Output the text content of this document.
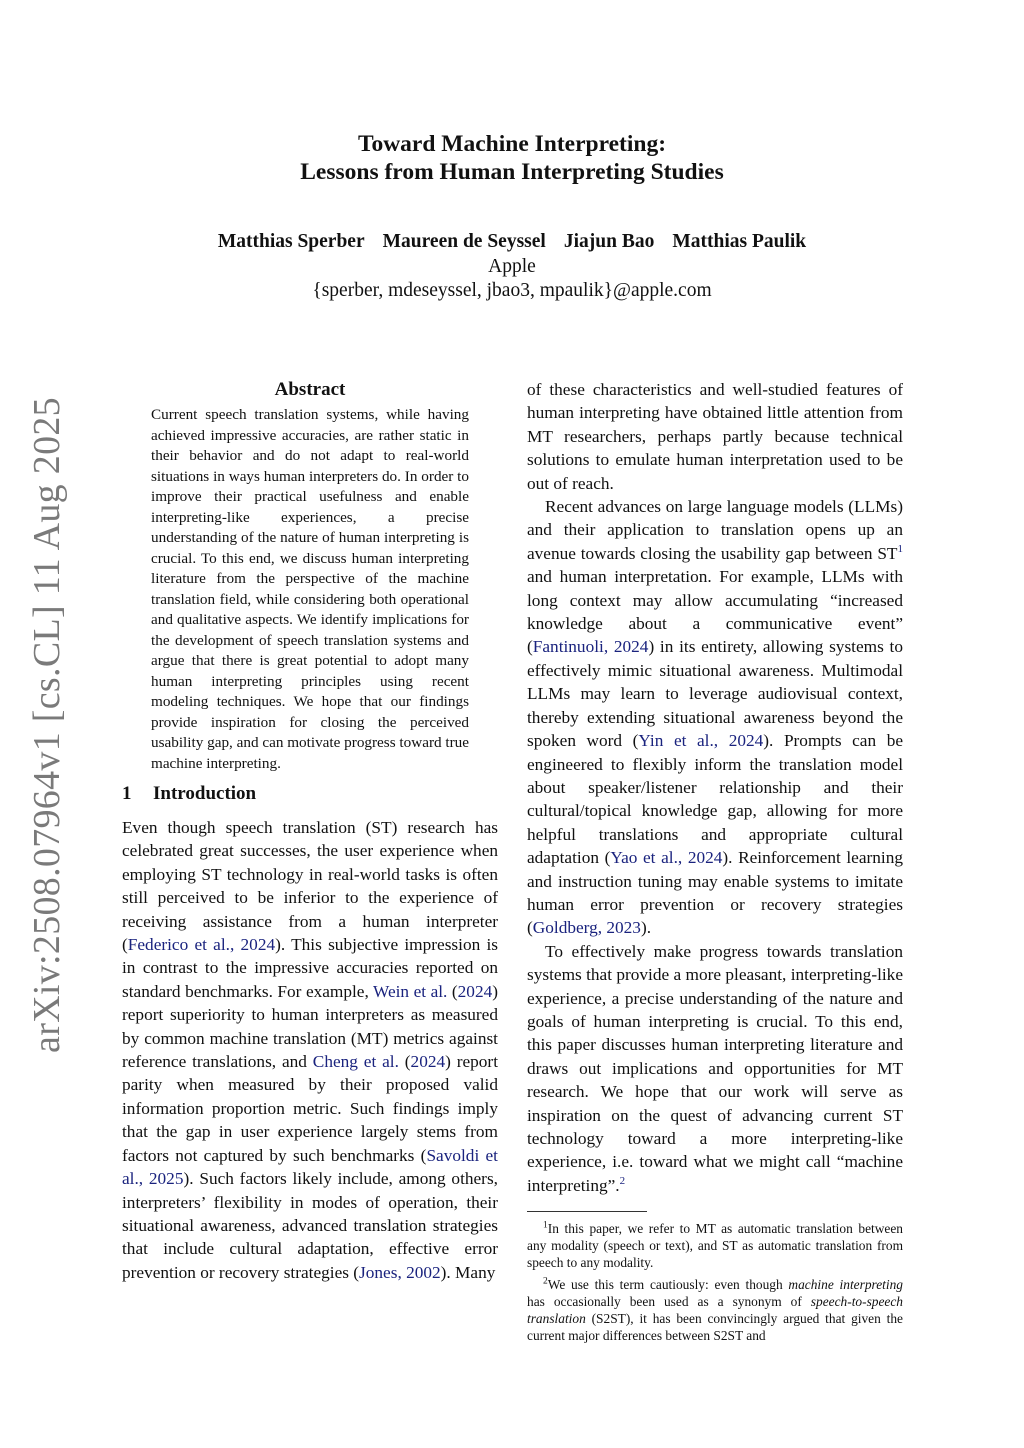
arXiv:2508.07964v1 [cs.CL] 11 Aug 2025
Toward Machine Interpreting:
Lessons from Human Interpreting Studies
Matthias Sperber Maureen de Seyssel Jiajun Bao Matthias Paulik
Apple
{sperber, mdeseyssel, jbao3, mpaulik}@apple.com
Abstract

Current speech translation systems, while having achieved impressive accuracies, are rather static in their behavior and do not adapt to real-world situations in ways human interpreters do. In order to improve their practical usefulness and enable interpreting-like experiences, a precise understanding of the nature of human interpreting is crucial. To this end, we discuss human interpreting literature from the perspective of the machine translation field, while considering both operational and qualitative aspects. We identify implications for the development of speech translation systems and argue that there is great potential to adopt many human interpreting principles using recent modeling techniques. We hope that our findings provide inspiration for closing the perceived usability gap, and can motivate progress toward true machine interpreting.

1 Introduction

Even though speech translation (ST) research has celebrated great successes, the user experience when employing ST technology in real-world tasks is often still perceived to be inferior to the experience of receiving assistance from a human interpreter (Federico et al., 2024). This subjective impression is in contrast to the impressive accuracies reported on standard benchmarks. For example, Wein et al. (2024) report superiority to human interpreters as measured by common machine translation (MT) metrics against reference translations, and Cheng et al. (2024) report parity when measured by their proposed valid information proportion metric. Such findings imply that the gap in user experience largely stems from factors not captured by such benchmarks (Savoldi et al., 2025). Such factors likely include, among others, interpreters’ flexibility in modes of operation, their situational awareness, advanced translation strategies that include cultural adaptation, effective error prevention or recovery strategies (Jones, 2002). Many

of these characteristics and well-studied features of human interpreting have obtained little attention from MT researchers, perhaps partly because technical solutions to emulate human interpretation used to be out of reach.

Recent advances on large language models (LLMs) and their application to translation opens up an avenue towards closing the usability gap between $ST^1$ and human interpretation. For example, LLMs with long context may allow accumulating “increased knowledge about a communicative event” (Fantinuoli, 2024) in its entirety, allowing systems to effectively mimic situational awareness. Multimodal LLMs may learn to leverage audiovisual context, thereby extending situational awareness beyond the spoken word (Yin et al., 2024). Prompts can be engineered to flexibly inform the translation model about speaker/listener relationship and their cultural/topical knowledge gap, allowing for more helpful translations and appropriate cultural adaptation (Yao et al., 2024). Reinforcement learning and instruction tuning may enable systems to imitate human error prevention or recovery strategies (Goldberg, 2023).

To effectively make progress towards translation systems that provide a more pleasant, interpreting-like experience, a precise understanding of the nature and goals of human interpreting is crucial. To this end, this paper discusses human interpreting literature and draws out implications and opportunities for MT research. We hope that our work will serve as inspiration on the quest of advancing current ST technology toward a more interpreting-like experience, i.e. toward what we might call “machine interpreting”.$^2$

$^1$In this paper, we refer to MT as automatic translation between any modality (speech or text), and ST as automatic translation from speech to any modality.

$^2$We use this term cautiously: even though machine interpreting has occasionally been used as a synonym of speech-to-speech translation (S2ST), it has been convincingly argued that given the current major differences between S2ST and
